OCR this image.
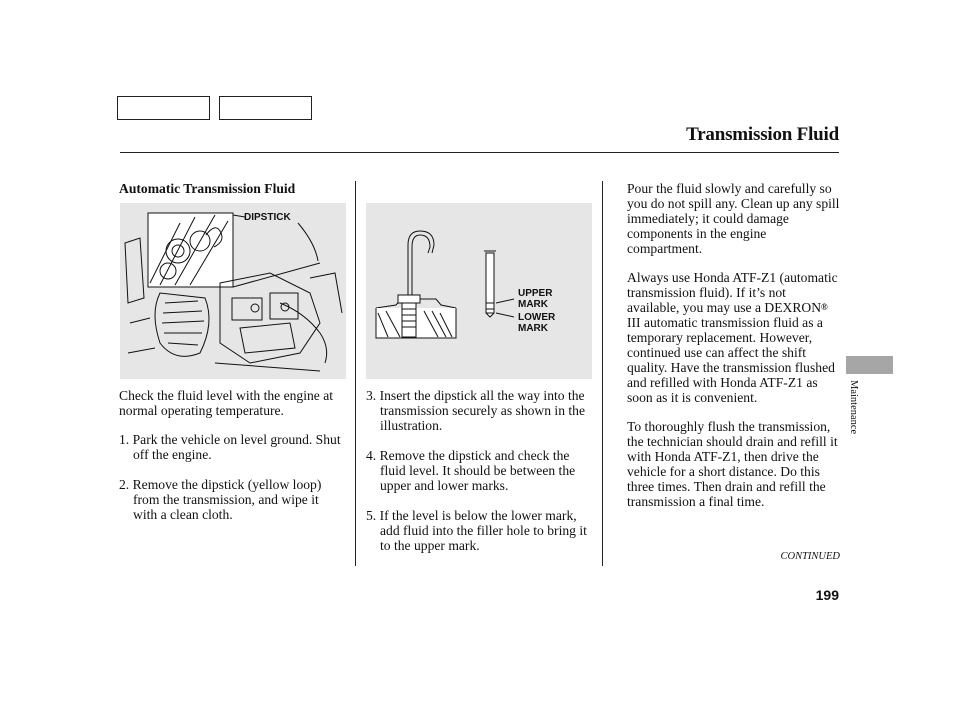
Transmission Fluid
Automatic Transmission Fluid
DIPSTICK
UPPER
MARK
LOWER
MARK

Check the fluid level with the engine at normal operating temperature.

1. Park the vehicle on level ground. Shut off the engine.
2. Remove the dipstick (yellow loop) from the transmission, and wipe it with a clean cloth.
3. Insert the dipstick all the way into the transmission securely as shown in the illustration.
4. Remove the dipstick and check the fluid level. It should be between the upper and lower marks.
5. If the level is below the lower mark, add fluid into the filler hole to bring it to the upper mark.

Pour the fluid slowly and carefully so you do not spill any. Clean up any spill immediately; it could damage components in the engine compartment.

Always use Honda ATF-Z1 (automatic transmission fluid). If it’s not available, you may use a DEXRON® III automatic transmission fluid as a temporary replacement. However, continued use can affect the shift quality. Have the transmission flushed and refilled with Honda ATF-Z1 as soon as it is convenient.

To thoroughly flush the transmission, the technician should drain and refill it with Honda ATF-Z1, then drive the vehicle for a short distance. Do this three times. Then drain and refill the transmission a final time.

Maintenance
CONTINUED
199
